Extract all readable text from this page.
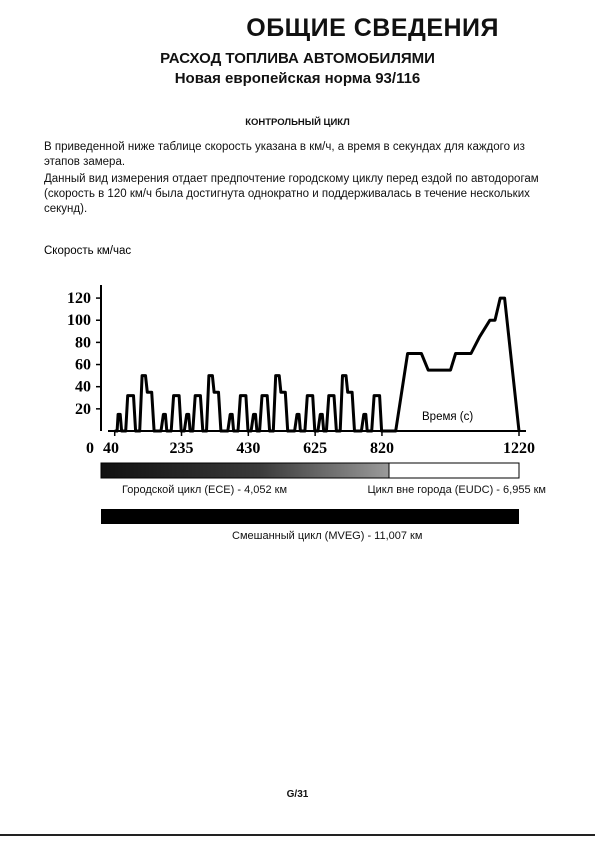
ОБЩИЕ СВЕДЕНИЯ
РАСХОД ТОПЛИВА АВТОМОБИЛЯМИ
Новая европейская норма 93/116
КОНТРОЛЬНЫЙ ЦИКЛ
В приведенной ниже таблице скорость указана в км/ч, а время в секундах для каждого из этапов замера.
Данный вид измерения отдает предпочтение городскому циклу перед ездой по автодорогам (скорость в 120 км/ч была достигнута однократно и поддерживалась в течение нескольких секунд).
Скорость км/час
20
40
60
80
100
120
0 40	235	430	625	820	1220
Время (с)
Городской цикл (ECE) - 4,052 км	Цикл вне города (EUDC) - 6,955 км
Смешанный цикл (MVEG) - 11,007 км
G/31
